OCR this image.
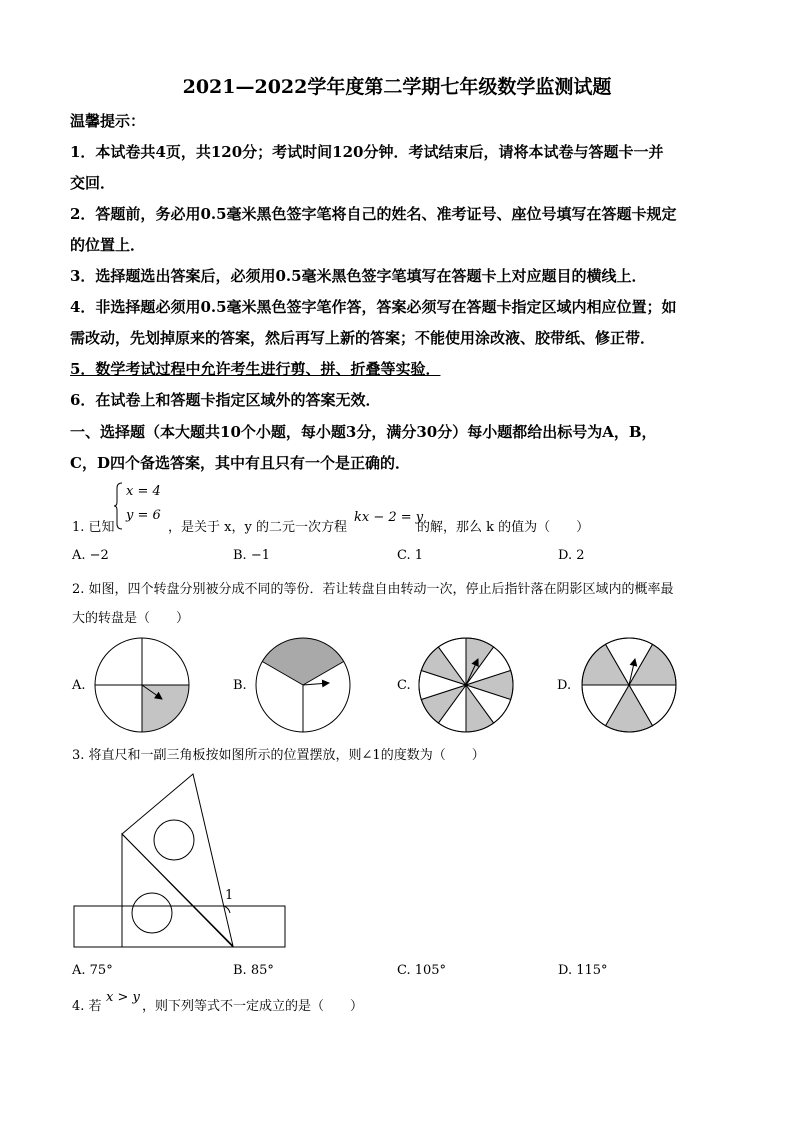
2021—2022学年度第二学期七年级数学监测试题
温馨提示：
1．本试卷共4页，共120分；考试时间120分钟．考试结束后，请将本试卷与答题卡一并
交回．
2．答题前，务必用0.5毫米黑色签字笔将自己的姓名、准考证号、座位号填写在答题卡规定
的位置上．
3．选择题选出答案后，必须用0.5毫米黑色签字笔填写在答题卡上对应题目的横线上．
4．非选择题必须用0.5毫米黑色签字笔作答，答案必须写在答题卡指定区域内相应位置；如
需改动，先划掉原来的答案，然后再写上新的答案；不能使用涂改液、胶带纸、修正带．
5．数学考试过程中允许考生进行剪、拼、折叠等实验．
6．在试卷上和答题卡指定区域外的答案无效．
一、选择题（本大题共10个小题，每小题3分，满分30分）每小题都给出标号为A，B，
C，D四个备选答案，其中有且只有一个是正确的．
x = 4
y = 6
1. 已知	，是关于 x，y 的二元一次方程
kx − 2 = y
的解，那么 k 的值为（　　）
A. −2	B. −1	C. 1	D. 2
2. 如图，四个转盘分别被分成不同的等份．若让转盘自由转动一次，停止后指针落在阴影区域内的概率最
大的转盘是（　　）
A.	B.	C.	D.
3. 将直尺和一副三角板按如图所示的位置摆放，则∠1的度数为（　　）
1
A. 75°	B. 85°	C. 105°	D. 115°
4. 若
x > y
，则下列等式不一定成立的是（　　）
